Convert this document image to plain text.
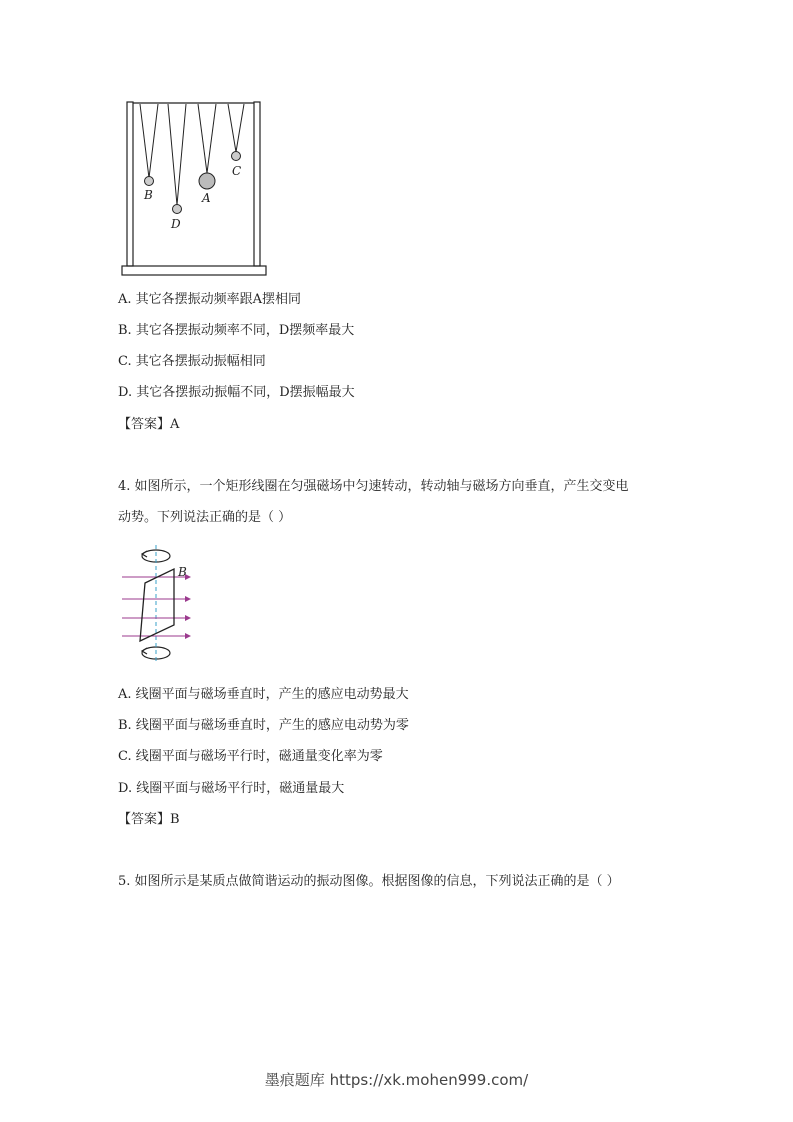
B
D
A
C
A. 其它各摆振动频率跟A摆相同
B. 其它各摆振动频率不同，D摆频率最大
C. 其它各摆振动振幅相同
D. 其它各摆振动振幅不同，D摆振幅最大
【答案】A
4. 如图所示，一个矩形线圈在匀强磁场中匀速转动，转动轴与磁场方向垂直，产生交变电
动势。下列说法正确的是（ ）
B
A. 线圈平面与磁场垂直时，产生的感应电动势最大
B. 线圈平面与磁场垂直时，产生的感应电动势为零
C. 线圈平面与磁场平行时，磁通量变化率为零
D. 线圈平面与磁场平行时，磁通量最大
【答案】B
5. 如图所示是某质点做简谐运动的振动图像。根据图像的信息，下列说法正确的是（ ）
墨痕题库 https://xk.mohen999.com/
